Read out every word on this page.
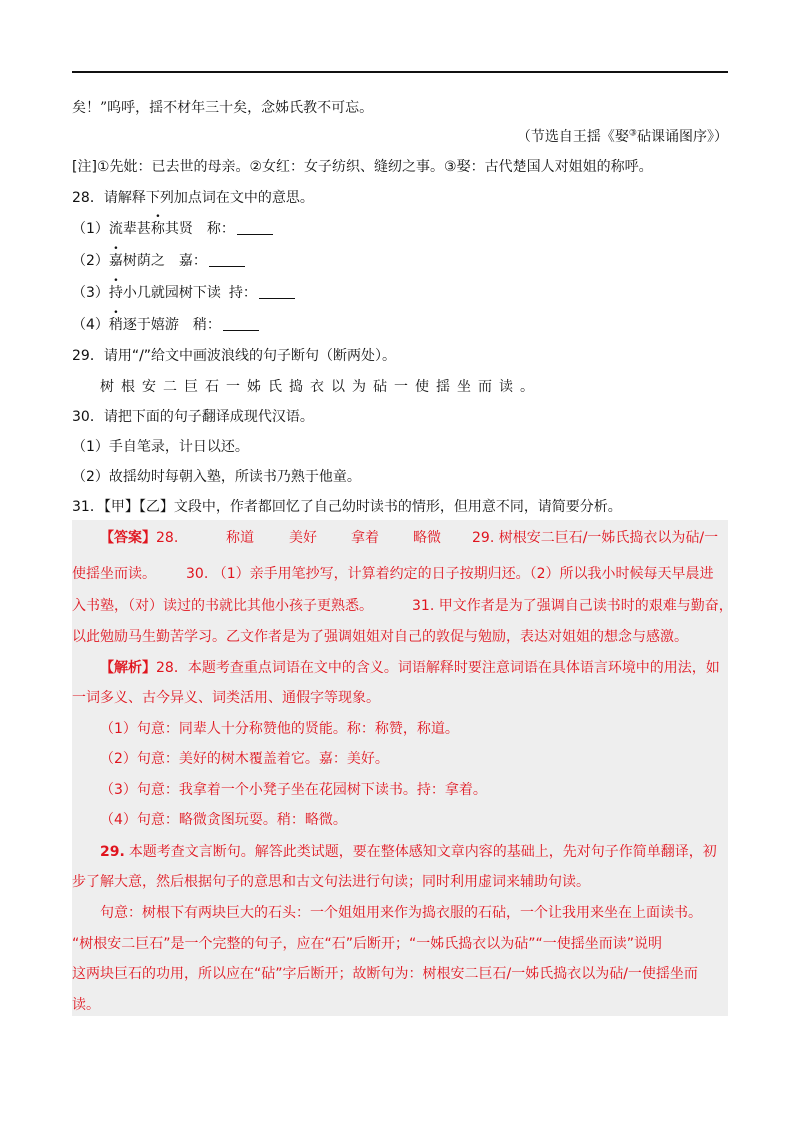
矣！”呜呼，揺不材年三十矣，念姊氏教不可忘。
（节选自王揺《娶③砧课诵图序》）
[注]①先妣：已去世的母亲。②女红：女子纺织、缝纫之事。③娶：古代楚国人对姐姐的称呼。
28．请解释下列加点词在文中的意思。
（1）流辈甚称其贤 称：
（2）嘉树荫之 嘉：
（3）持小几就园树下读 持：
（4）稍逐于嬉游 稍：
29．请用“/”给文中画波浪线的句子断句（断两处）。
树根安二巨石一姊氏捣衣以为砧一使揺坐而读。
30．请把下面的句子翻译成现代汉语。
（1）手自笔录，计日以还。
（2）故揺幼时每朝入塾，所读书乃熟于他童。
31．【甲】【乙】文段中，作者都回忆了自己幼时读书的情形，但用意不同，请简要分析。
【答案】28.	称道	美好 拿着 略微 29. 树根安二巨石/一姊氏捣衣以为砧/一
使揺坐而读。 30. （1）亲手用笔抄写，计算着约定的日子按期归还。（2）所以我小时候每天早晨进
入书塾，（对）读过的书就比其他小孩子更熟悉。	31. 甲文作者是为了强调自己读书时的艰难与勤奋，
以此勉励马生勤苦学习。乙文作者是为了强调姐姐对自己的敦促与勉励，表达对姐姐的想念与感激。
【解析】28．本题考查重点词语在文中的含义。词语解释时要注意词语在具体语言环境中的用法，如
一词多义、古今异义、词类活用、通假字等现象。
（1）句意：同辈人十分称赞他的贤能。称：称赞，称道。
（2）句意：美好的树木覆盖着它。嘉：美好。
（3）句意：我拿着一个小凳子坐在花园树下读书。持：拿着。
（4）句意：略微贪图玩耍。稍：略微。
29. 本题考查文言断句。解答此类试题，要在整体感知文章内容的基础上，先对句子作简单翻译，初
步了解大意，然后根据句子的意思和古文句法进行句读；同时利用虚词来辅助句读。
句意：树根下有两块巨大的石头：一个姐姐用来作为捣衣服的石砧，一个让我用来坐在上面读书。
“树根安二巨石”是一个完整的句子，应在“石”后断开；“一姊氏捣衣以为砧”“一使揺坐而读”说明
这两块巨石的功用，所以应在“砧”字后断开；故断句为：树根安二巨石/一姊氏捣衣以为砧/一使揺坐而
读。
